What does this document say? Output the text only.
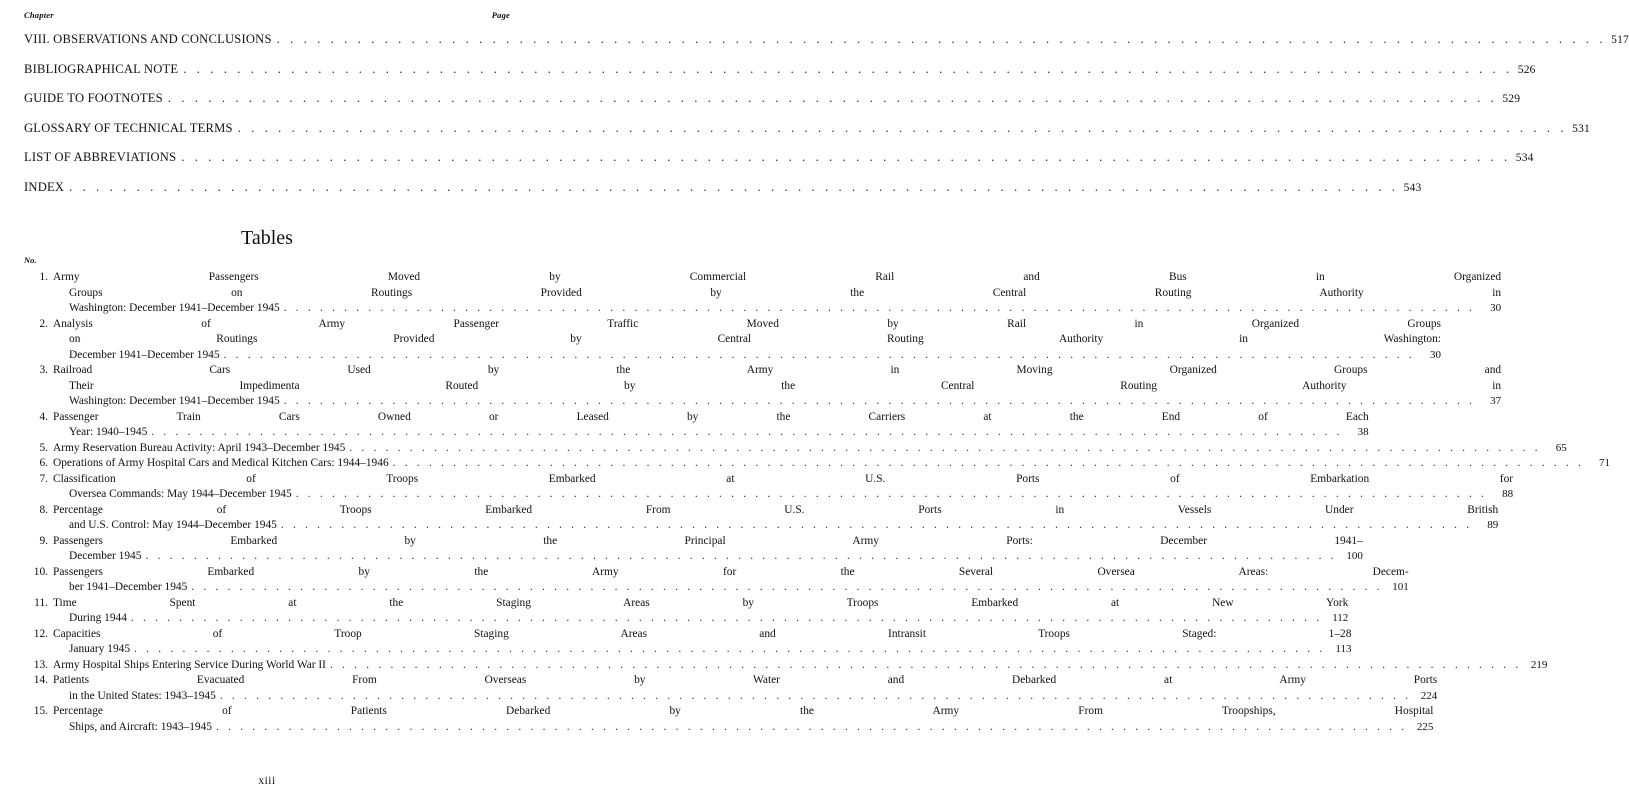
Chapter	Page
VIII. OBSERVATIONS AND CONCLUSIONS . . .	517
BIBLIOGRAPHICAL NOTE . . .	526
GUIDE TO FOOTNOTES . . .	529
GLOSSARY OF TECHNICAL TERMS . . .	531
LIST OF ABBREVIATIONS . . .	534
INDEX . . .	543
Tables
No.
1. Army Passengers Moved by Commercial Rail and Bus in Organized
Groups on Routings Provided by the Central Routing Authority in
Washington: December 1941–December 1945 . . .	30
2. Analysis of Army Passenger Traffic Moved by Rail in Organized Groups
on Routings Provided by Central Routing Authority in Washington:
December 1941–December 1945 . . .	30
3. Railroad Cars Used by the Army in Moving Organized Groups and
Their Impedimenta Routed by the Central Routing Authority in
Washington: December 1941–December 1945 . . .	37
4. Passenger Train Cars Owned or Leased by the Carriers at the End of Each
Year: 1940–1945 . . .	38
5. Army Reservation Bureau Activity: April 1943–December 1945 . . .	65
6. Operations of Army Hospital Cars and Medical Kitchen Cars: 1944–1946 . . .	71
7. Classification of Troops Embarked at U.S. Ports of Embarkation for
Oversea Commands: May 1944–December 1945 . . .	88
8. Percentage of Troops Embarked From U.S. Ports in Vessels Under British
and U.S. Control: May 1944–December 1945 . . .	89
9. Passengers Embarked by the Principal Army Ports: December 1941–
December 1945 . . .	100
10. Passengers Embarked by the Army for the Several Oversea Areas: Decem-
ber 1941–December 1945 . . .	101
11. Time Spent at the Staging Areas by Troops Embarked at New York
During 1944 . . .	112
12. Capacities of Troop Staging Areas and Intransit Troops Staged: 1–28
January 1945 . . .	113
13. Army Hospital Ships Entering Service During World War II . . .	219
14. Patients Evacuated From Overseas by Water and Debarked at Army Ports
in the United States: 1943–1945 . . .	224
15. Percentage of Patients Debarked by the Army From Troopships, Hospital
Ships, and Aircraft: 1943–1945 . . .	225
xiii
